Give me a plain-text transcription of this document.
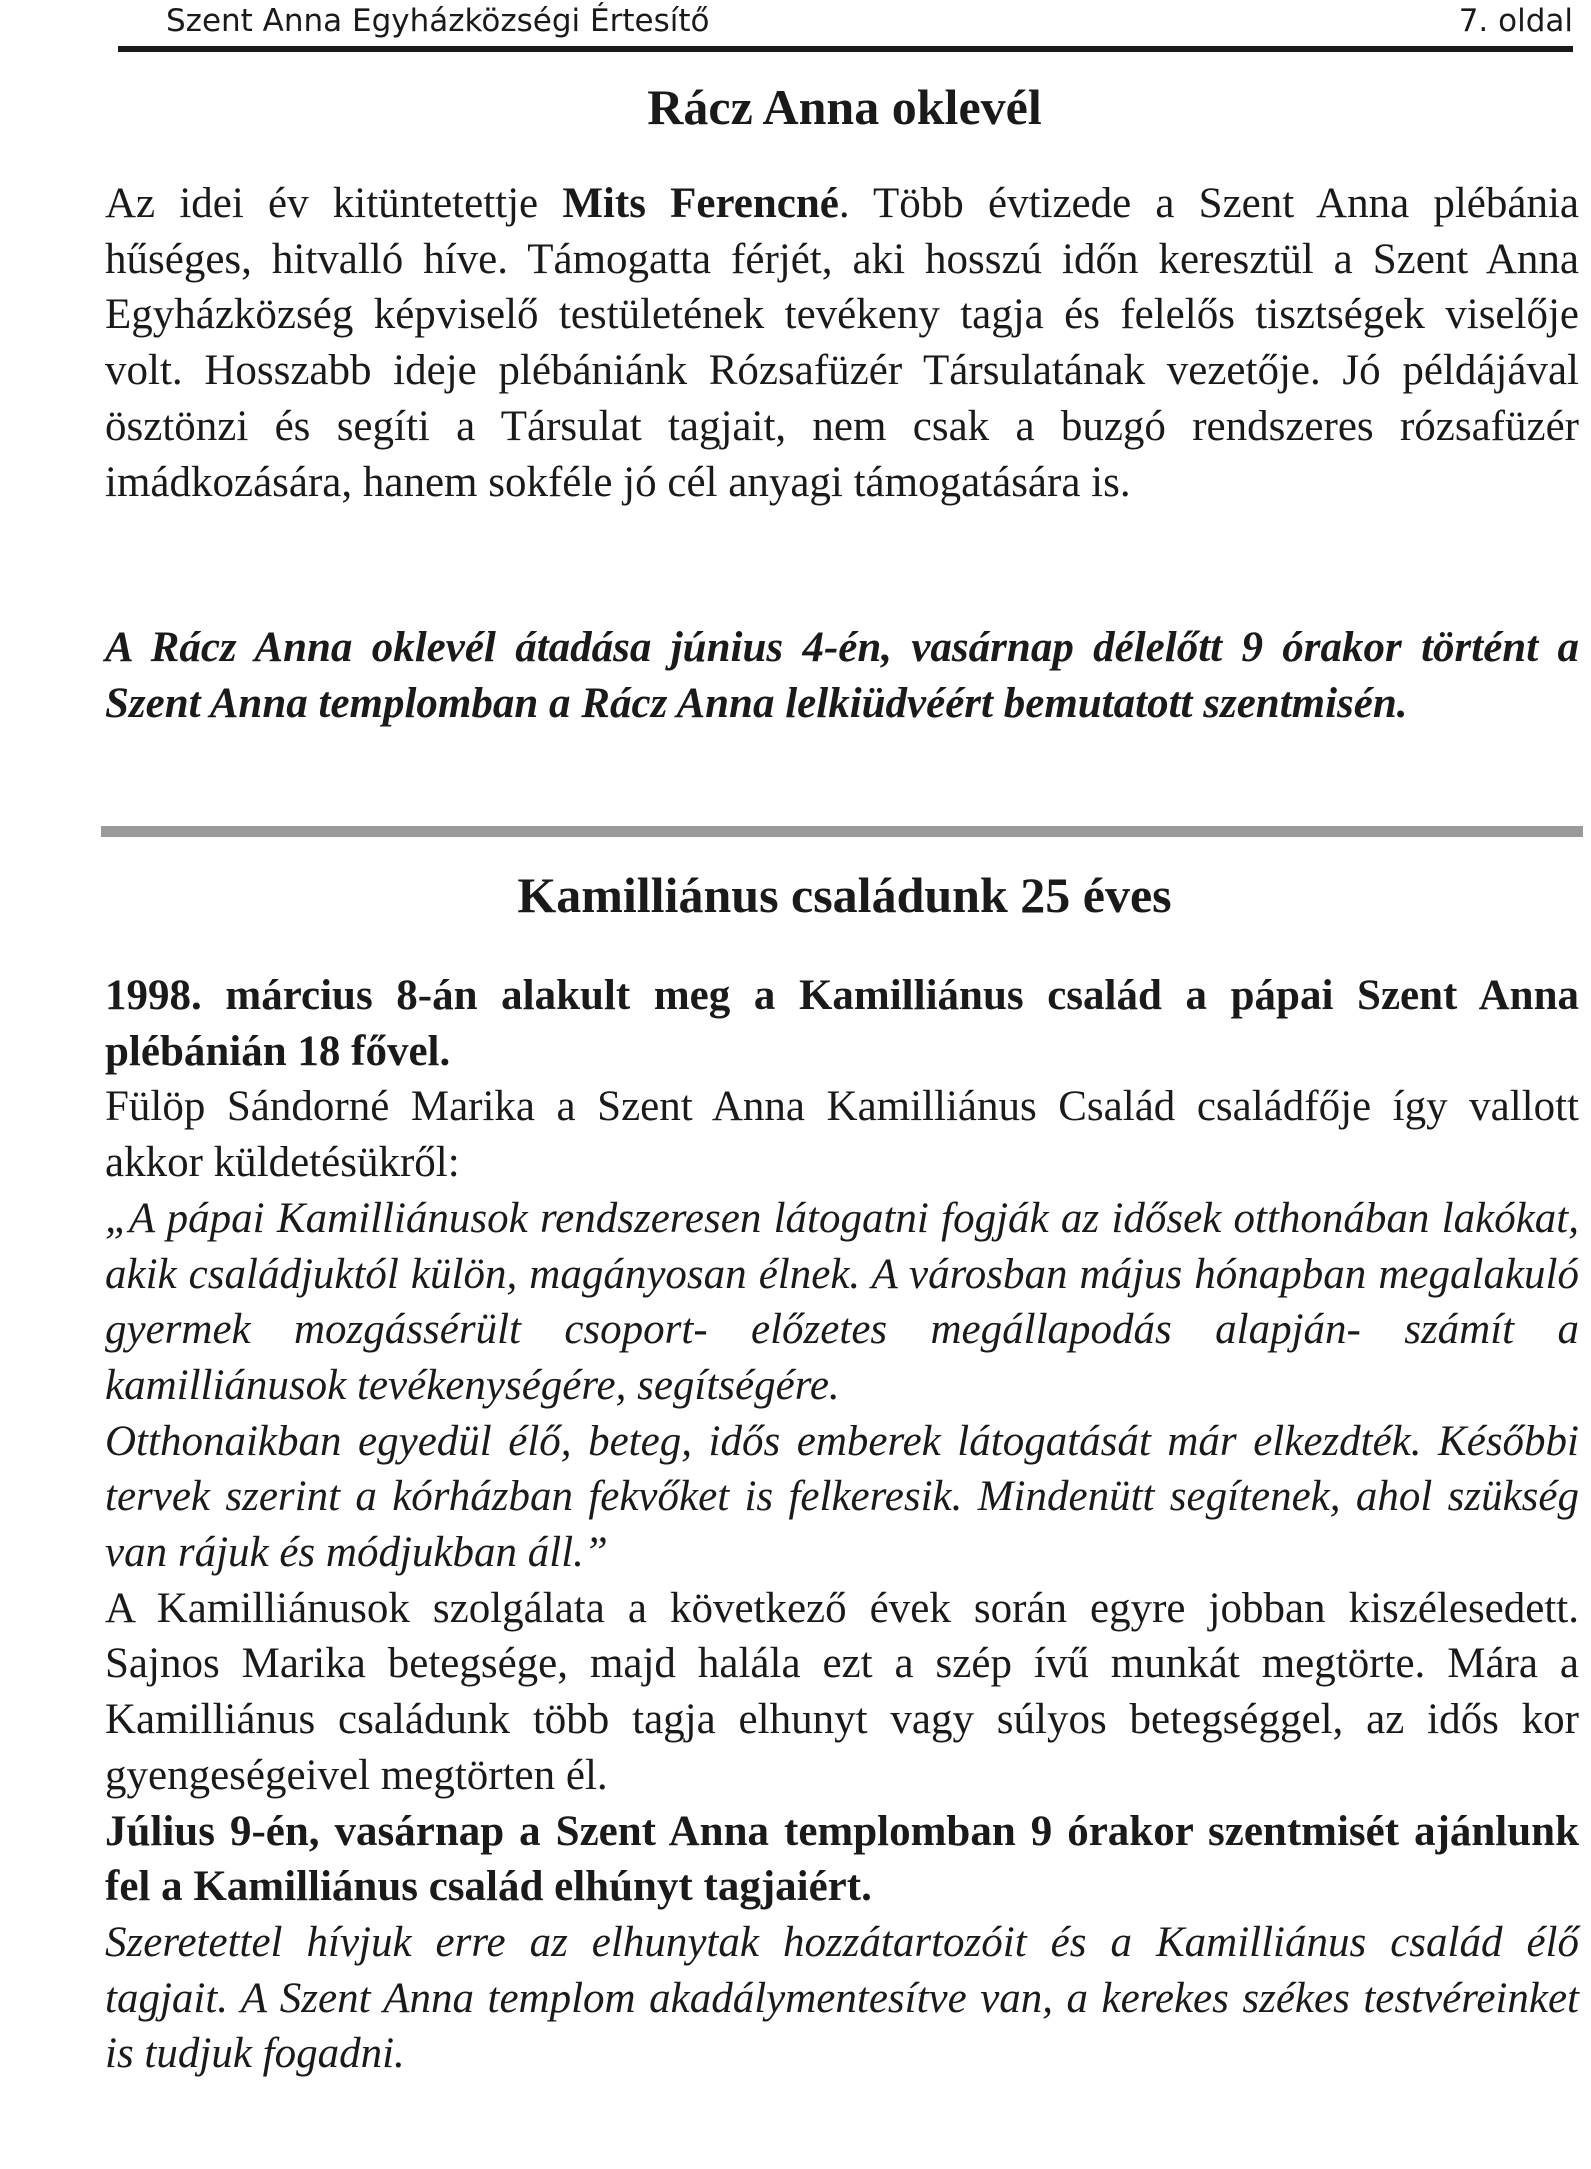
Szent Anna Egyházközségi Értesítő	7. oldal
Rácz Anna oklevél
Az idei év kitüntetettje Mits Ferencné. Több évtizede a Szent Anna plébánia hűséges, hitvalló híve. Támogatta férjét, aki hosszú időn keresztül a Szent Anna Egyházközség képviselő testületének tevékeny tagja és felelős tisztségek viselője volt. Hosszabb ideje plébániánk Rózsafüzér Társulatának vezetője. Jó példájával ösztönzi és segíti a Társulat tagjait, nem csak a buzgó rendszeres rózsafüzér imádkozására, hanem sokféle jó cél anyagi támogatására is.
A Rácz Anna oklevél átadása június 4-én, vasárnap délelőtt 9 órakor történt a Szent Anna templomban a Rácz Anna lelkiüdvéért bemutatott szentmisén.
Kamilliánus családunk 25 éves

1998. március 8-án alakult meg a Kamilliánus család a pápai Szent Anna plébánián 18 fővel.

Fülöp Sándorné Marika a Szent Anna Kamilliánus Család családfője így vallott akkor küldetésükről:

„A pápai Kamilliánusok rendszeresen látogatni fogják az idősek otthonában lakókat, akik családjuktól külön, magányosan élnek. A városban május hónapban megalakuló gyermek mozgássérült csoport- előzetes megállapodás alapján- számít a kamilliánusok tevékenységére, segítségére.

Otthonaikban egyedül élő, beteg, idős emberek látogatását már elkezdték. Későbbi tervek szerint a kórházban fekvőket is felkeresik. Mindenütt segítenek, ahol szükség van rájuk és módjukban áll.”

A Kamilliánusok szolgálata a következő évek során egyre jobban kiszélesedett. Sajnos Marika betegsége, majd halála ezt a szép ívű munkát megtörte. Mára a Kamilliánus családunk több tagja elhunyt vagy súlyos betegséggel, az idős kor gyengeségeivel megtörten él.

Július 9-én, vasárnap a Szent Anna templomban 9 órakor szentmisét ajánlunk fel a Kamilliánus család elhúnyt tagjaiért.

Szeretettel hívjuk erre az elhunytak hozzátartozóit és a Kamilliánus család élő tagjait. A Szent Anna templom akadálymentesítve van, a kerekes székes testvéreinket is tudjuk fogadni.
